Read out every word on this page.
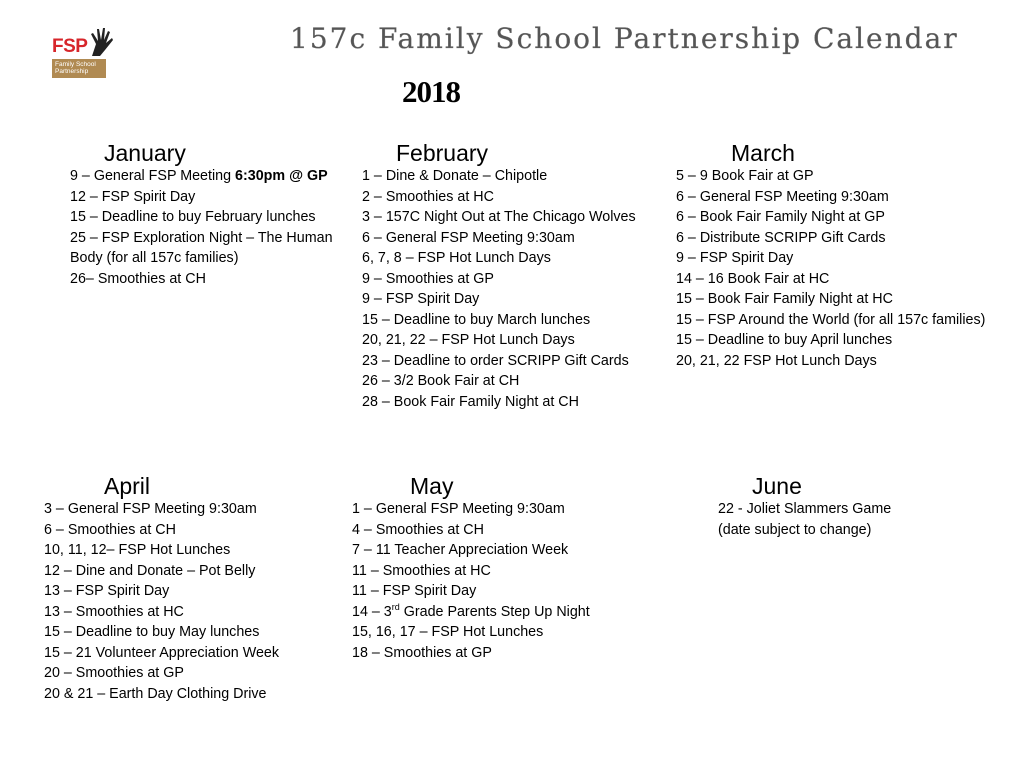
FSP
Family School
Partnership
157c Family School Partnership Calendar
2018
January
9 – General FSP Meeting 6:30pm @ GP
12 – FSP Spirit Day
15 – Deadline to buy February lunches
25 – FSP Exploration Night – The Human
Body (for all 157c families)
26– Smoothies at CH
February
1 – Dine & Donate – Chipotle
2 – Smoothies at HC
3 – 157C Night Out at The Chicago Wolves
6 – General FSP Meeting 9:30am
6, 7, 8 – FSP Hot Lunch Days
9 – Smoothies at GP
9 – FSP Spirit Day
15 – Deadline to buy March lunches
20, 21, 22 – FSP Hot Lunch Days
23 – Deadline to order SCRIPP Gift Cards
26 – 3/2 Book Fair at CH
28 – Book Fair Family Night at CH
March
5 – 9 Book Fair at GP
6 – General FSP Meeting 9:30am
6 – Book Fair Family Night at GP
6 – Distribute SCRIPP Gift Cards
9 – FSP Spirit Day
14 – 16 Book Fair at HC
15 – Book Fair Family Night at HC
15 – FSP Around the World (for all 157c families)
15 – Deadline to buy April lunches
20, 21, 22 FSP Hot Lunch Days
April
3 – General FSP Meeting 9:30am
6 – Smoothies at CH
10, 11, 12– FSP Hot Lunches
12 – Dine and Donate – Pot Belly
13 – FSP Spirit Day
13 – Smoothies at HC
15 – Deadline to buy May lunches
15 – 21 Volunteer Appreciation Week
20 – Smoothies at GP
20 & 21 – Earth Day Clothing Drive
May
1 – General FSP Meeting 9:30am
4 – Smoothies at CH
7 – 11 Teacher Appreciation Week
11 – Smoothies at HC
11 – FSP Spirit Day
14 – 3rd Grade Parents Step Up Night
15, 16, 17 – FSP Hot Lunches
18 – Smoothies at GP
June
22 - Joliet Slammers Game
(date subject to change)
